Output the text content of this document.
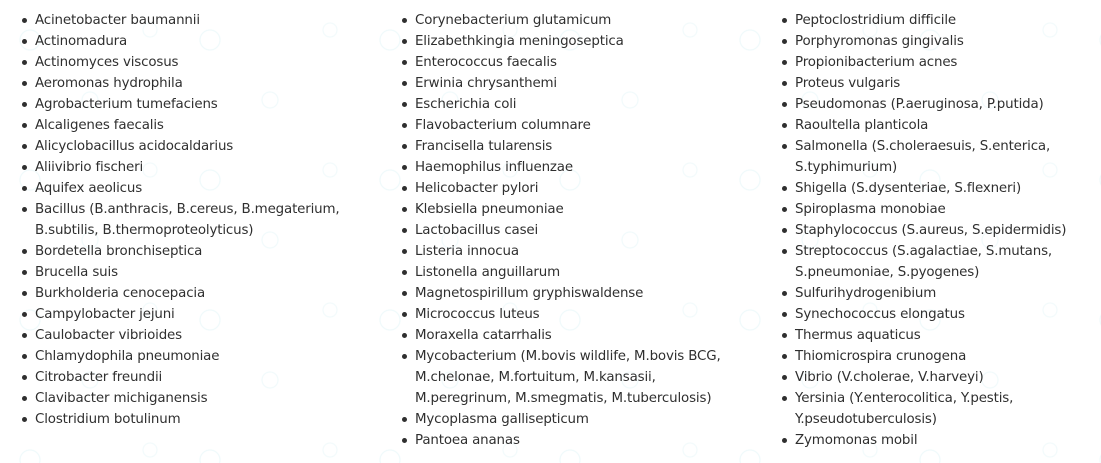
Acinetobacter baumannii
Actinomadura
Actinomyces viscosus
Aeromonas hydrophila
Agrobacterium tumefaciens
Alcaligenes faecalis
Alicyclobacillus acidocaldarius
Aliivibrio fischeri
Aquifex aeolicus
Bacillus (B.anthracis, B.cereus, B.megaterium, B.subtilis, B.thermoproteolyticus)
Bordetella bronchiseptica
Brucella suis
Burkholderia cenocepacia
Campylobacter jejuni
Caulobacter vibrioides
Chlamydophila pneumoniae
Citrobacter freundii
Clavibacter michiganensis
Clostridium botulinum
Corynebacterium glutamicum
Elizabethkingia meningoseptica
Enterococcus faecalis
Erwinia chrysanthemi
Escherichia coli
Flavobacterium columnare
Francisella tularensis
Haemophilus influenzae
Helicobacter pylori
Klebsiella pneumoniae
Lactobacillus casei
Listeria innocua
Listonella anguillarum
Magnetospirillum gryphiswaldense
Micrococcus luteus
Moraxella catarrhalis
Mycobacterium (M.bovis wildlife, M.bovis BCG, M.chelonae, M.fortuitum, M.kansasii, M.peregrinum, M.smegmatis, M.tuberculosis)
Mycoplasma gallisepticum
Pantoea ananas
Peptoclostridium difficile
Porphyromonas gingivalis
Propionibacterium acnes
Proteus vulgaris
Pseudomonas (P.aeruginosa, P.putida)
Raoultella planticola
Salmonella (S.choleraesuis, S.enterica, S.typhimurium)
Shigella (S.dysenteriae, S.flexneri)
Spiroplasma monobiae
Staphylococcus (S.aureus, S.epidermidis)
Streptococcus (S.agalactiae, S.mutans, S.pneumoniae, S.pyogenes)
Sulfurihydrogenibium
Synechococcus elongatus
Thermus aquaticus
Thiomicrospira crunogena
Vibrio (V.cholerae, V.harveyi)
Yersinia (Y.enterocolitica, Y.pestis, Y.pseudotuberculosis)
Zymomonas mobil
